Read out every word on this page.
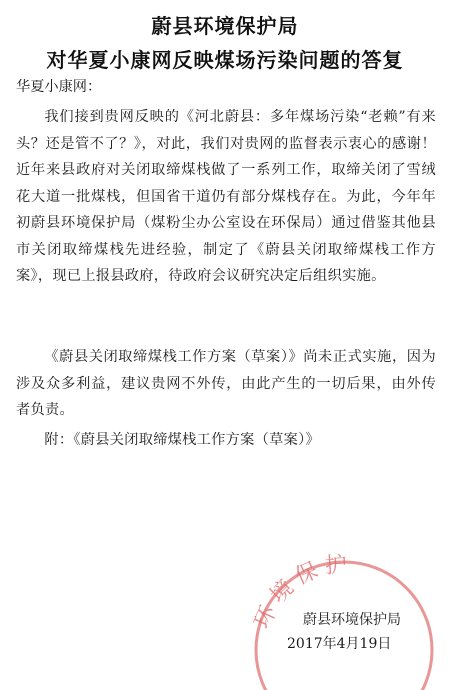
蔚县环境保护局
对华夏小康网反映煤场污染问题的答复
华夏小康网：

我们接到贵网反映的《河北蔚县：多年煤场污染“老赖”有来头？还是管不了？》，对此，我们对贵网的监督表示衷心的感谢！近年来县政府对关闭取缔煤栈做了一系列工作，取缔关闭了雪绒花大道一批煤栈，但国省干道仍有部分煤栈存在。为此，今年年初蔚县环境保护局（煤粉尘办公室设在环保局）通过借鉴其他县市关闭取缔煤栈先进经验，制定了《蔚县关闭取缔煤栈工作方案》，现已上报县政府，待政府会议研究决定后组织实施。

《蔚县关闭取缔煤栈工作方案（草案）》尚未正式实施，因为涉及众多利益，建议贵网不外传，由此产生的一切后果，由外传者负责。

附：《蔚县关闭取缔煤栈工作方案（草案）》

环境保护
蔚县环境保护局
2017年4月19日
